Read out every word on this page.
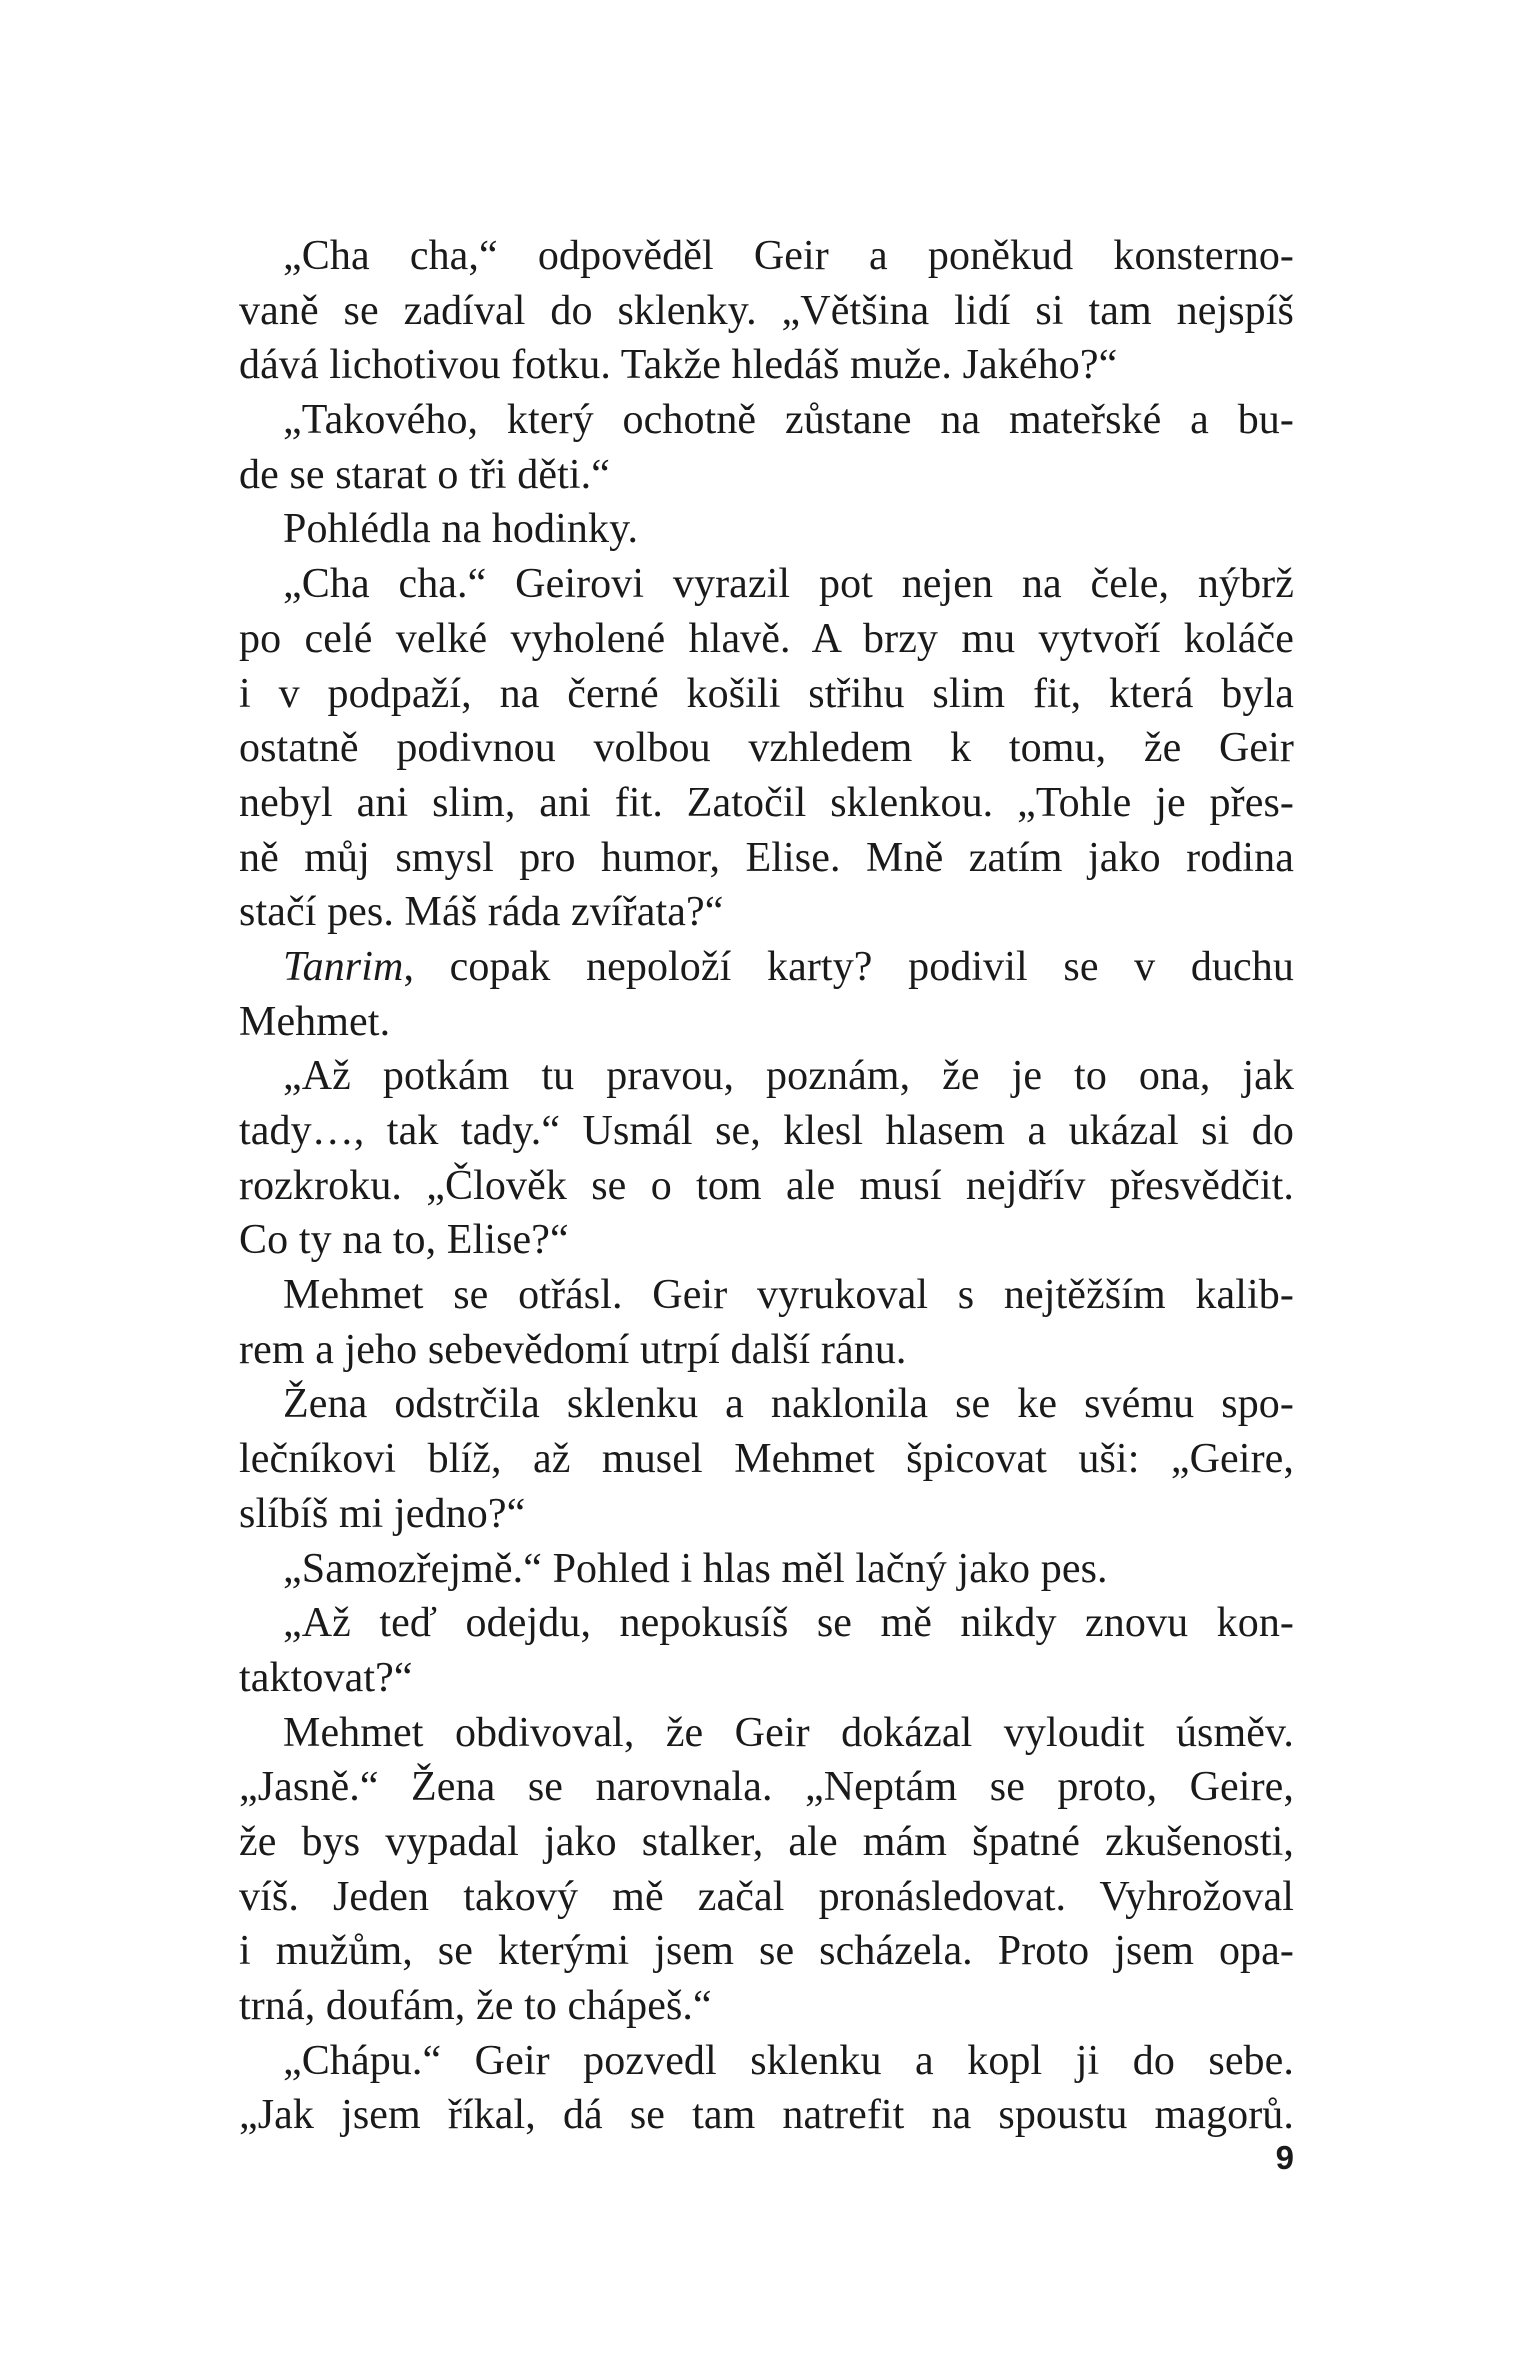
„Cha cha,“ odpověděl Geir a poněkud konsterno-
vaně se zadíval do sklenky. „Většina lidí si tam nejspíš
dává lichotivou fotku. Takže hledáš muže. Jakého?“
„Takového, který ochotně zůstane na mateřské a bu-
de se starat o tři děti.“
Pohlédla na hodinky.
„Cha cha.“ Geirovi vyrazil pot nejen na čele, nýbrž
po celé velké vyholené hlavě. A brzy mu vytvoří koláče
i v podpaží, na černé košili střihu slim fit, která byla
ostatně podivnou volbou vzhledem k tomu, že Geir
nebyl ani slim, ani fit. Zatočil sklenkou. „Tohle je přes-
ně můj smysl pro humor, Elise. Mně zatím jako rodina
stačí pes. Máš ráda zvířata?“
Tanrim, copak nepoloží karty? podivil se v duchu
Mehmet.
„Až potkám tu pravou, poznám, že je to ona, jak
tady…, tak tady.“ Usmál se, klesl hlasem a ukázal si do
rozkroku. „Člověk se o tom ale musí nejdřív přesvědčit.
Co ty na to, Elise?“
Mehmet se otřásl. Geir vyrukoval s nejtěžším kalib-
rem a jeho sebevědomí utrpí další ránu.
Žena odstrčila sklenku a naklonila se ke svému spo-
lečníkovi blíž, až musel Mehmet špicovat uši: „Geire,
slíbíš mi jedno?“
„Samozřejmě.“ Pohled i hlas měl lačný jako pes.
„Až teď odejdu, nepokusíš se mě nikdy znovu kon-
taktovat?“
Mehmet obdivoval, že Geir dokázal vyloudit úsměv.
„Jasně.“ Žena se narovnala. „Neptám se proto, Geire,
že bys vypadal jako stalker, ale mám špatné zkušenosti,
víš. Jeden takový mě začal pronásledovat. Vyhrožoval
i mužům, se kterými jsem se scházela. Proto jsem opa-
trná, doufám, že to chápeš.“
„Chápu.“ Geir pozvedl sklenku a kopl ji do sebe.
„Jak jsem říkal, dá se tam natrefit na spoustu magorů.
9
